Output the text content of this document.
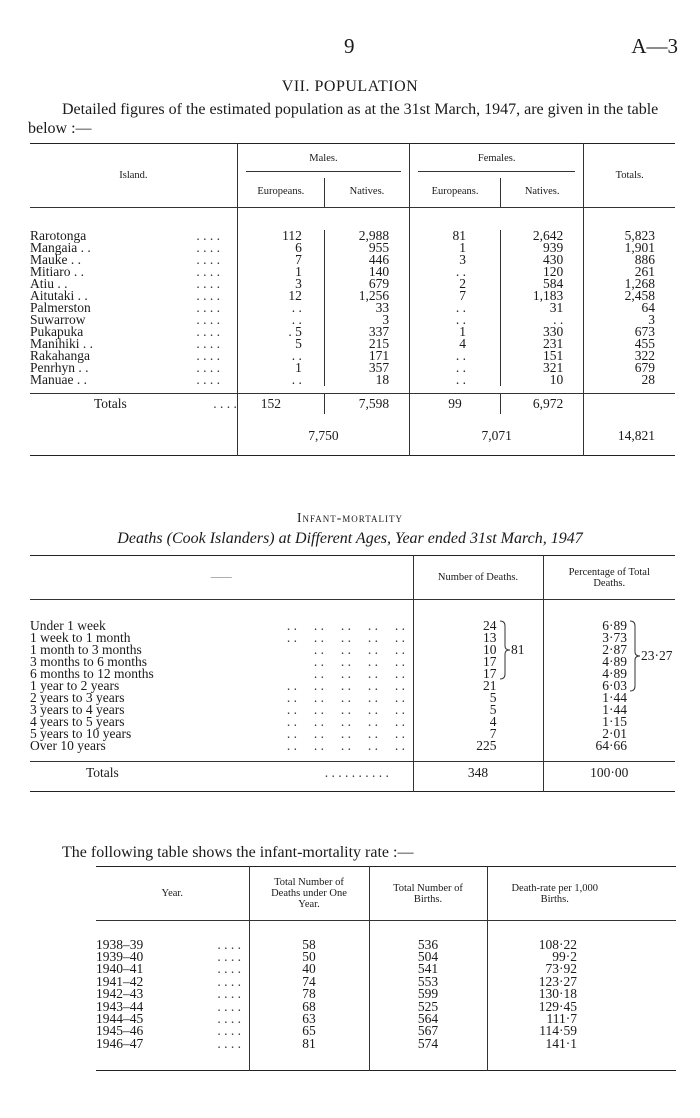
9	A—3
VII. POPULATION
Detailed figures of the estimated population as at the 31st March, 1947, are given in the table below :—
Island.	Males.		Females.		Totals.
	Europeans.	Natives.	Europeans.	Natives.	

Rarotonga . . . .	112	2,988	81	2,642	5,823
Mangaia . . . . . .	6	955	1	939	1,901
Mauke . . . . . .	7	446	3	430	886
Mitiaro . . . . . .	1	140	. .	120	261
Atiu . . . . . .	3	679	2	584	1,268
Aitutaki . . . . . .	12	1,256	7	1,183	2,458
Palmerston . . . .	. .	33	. .	31	64
Suwarrow . . . .	. .	3	. .	. .	3
Pukapuka . . . .	. 5	337	1	330	673
Manihiki . . . . . .	5	215	4	231	455
Rakahanga . . . .	. .	171	. .	151	322
Penrhyn . . . . . .	1	357	. .	321	679
Manuae . . . . . .	. .	18	. .	10	28

Totals . . . .	152	7,598	99	6,972	
	7,750		7,071		14,821

Infant-mortality
Deaths (Cook Islanders) at Different Ages, Year ended 31st March, 1947
——	Number of Deaths.	Percentage of Total Deaths.

Under 1 week . .     . .     . .     . .     . .	24	6·89
1 week to 1 month . .     . .     . .     . .     . .	13	3·73
1 month to 3 months . .     . .     . .     . .	10	2·87
3 months to 6 months . .     . .     . .     . .	17	4·89
6 months to 12 months . .     . .     . .     . .	17	4·89
1 year to 2 years . .     . .     . .     . .     . .	21	6·03
2 years to 3 years . .     . .     . .     . .     . .	5	1·44
3 years to 4 years . .     . .     . .     . .     . .	5	1·44
4 years to 5 years . .     . .     . .     . .     . .	4	1·15
5 years to 10 years . .     . .     . .     . .     . .	7	2·01
Over 10 years . .     . .     . .     . .     . .	225	64·66

Totals . . . . . . . . . .	348	100·00

81	23·27
The following table shows the infant-mortality rate :—
Year.	Total Number of Deaths under One Year.	Total Number of Births.	Death-rate per 1,000 Births.	

1938–39 . . . .	58	536	108·22	
1939–40 . . . .	50	504	99·2	
1940–41 . . . .	40	541	73·92	
1941–42 . . . .	74	553	123·27	
1942–43 . . . .	78	599	130·18	
1943–44 . . . .	68	525	129·45	
1944–45 . . . .	63	564	111·7	
1945–46 . . . .	65	567	114·59	
1946–47 . . . .	81	574	141·1	
